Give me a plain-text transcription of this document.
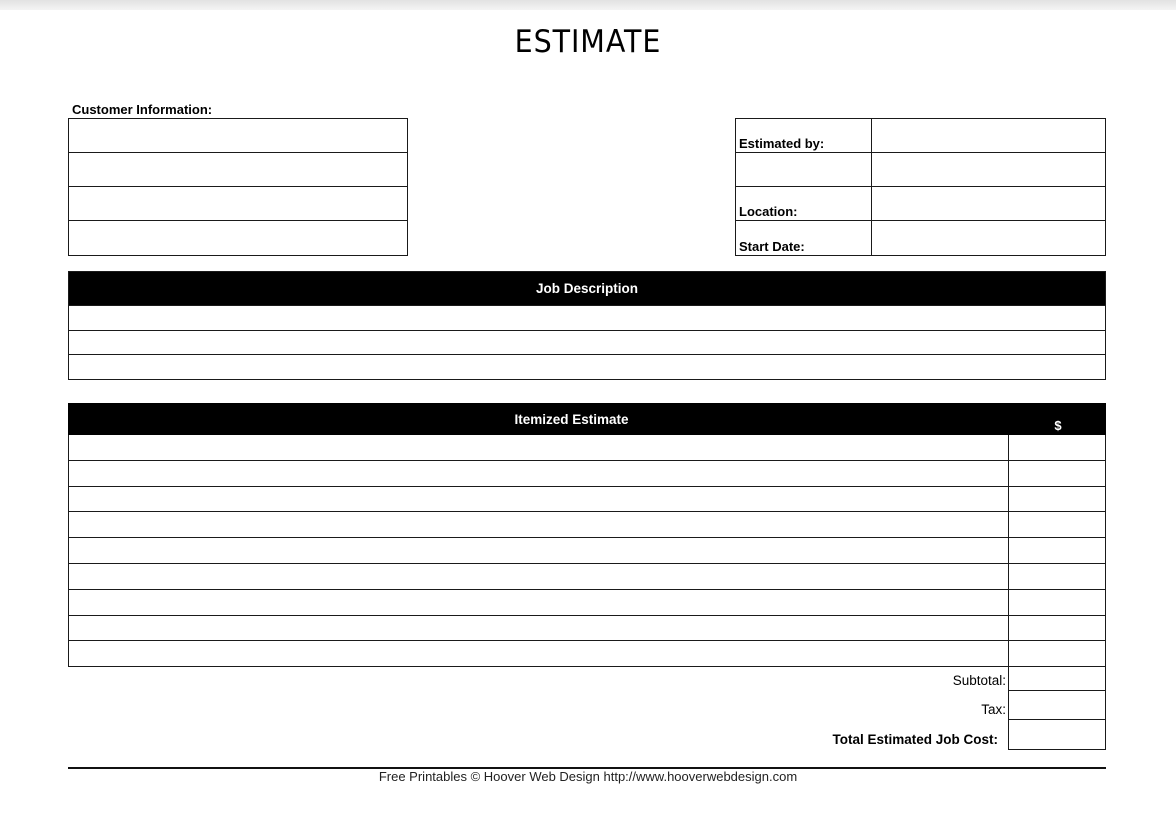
ESTIMATE
Customer Information:
Estimated by:
Location:
Start Date:
Job Description
Itemized Estimate	$
Subtotal:
Tax:
Total Estimated Job Cost:
Free Printables © Hoover Web Design http://www.hooverwebdesign.com
